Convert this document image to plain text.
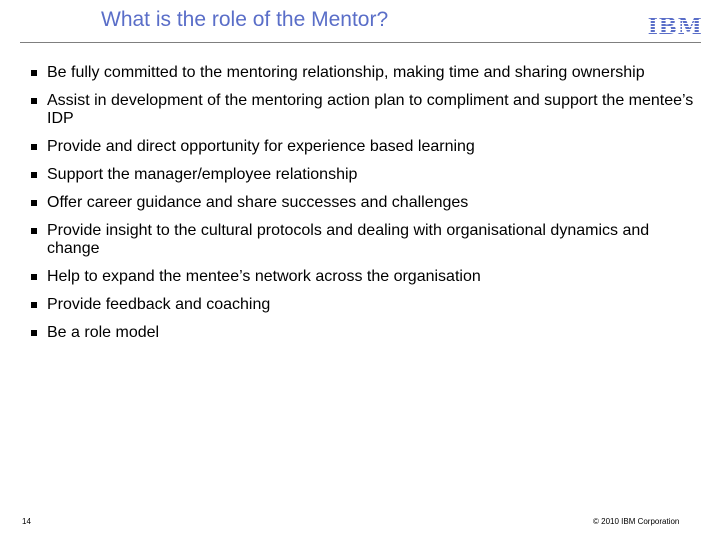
What is the role of the Mentor?	IBM
Be fully committed to the mentoring relationship, making time and sharing ownership
Assist in development of the mentoring action plan to compliment and support the mentee’s IDP
Provide and direct opportunity for experience based learning
Support the manager/employee relationship
Offer career guidance and share successes and challenges
Provide insight to the cultural protocols and dealing with organisational dynamics and change
Help to expand the mentee’s network across the organisation
Provide feedback and coaching
Be a role model
14	© 2010 IBM Corporation
